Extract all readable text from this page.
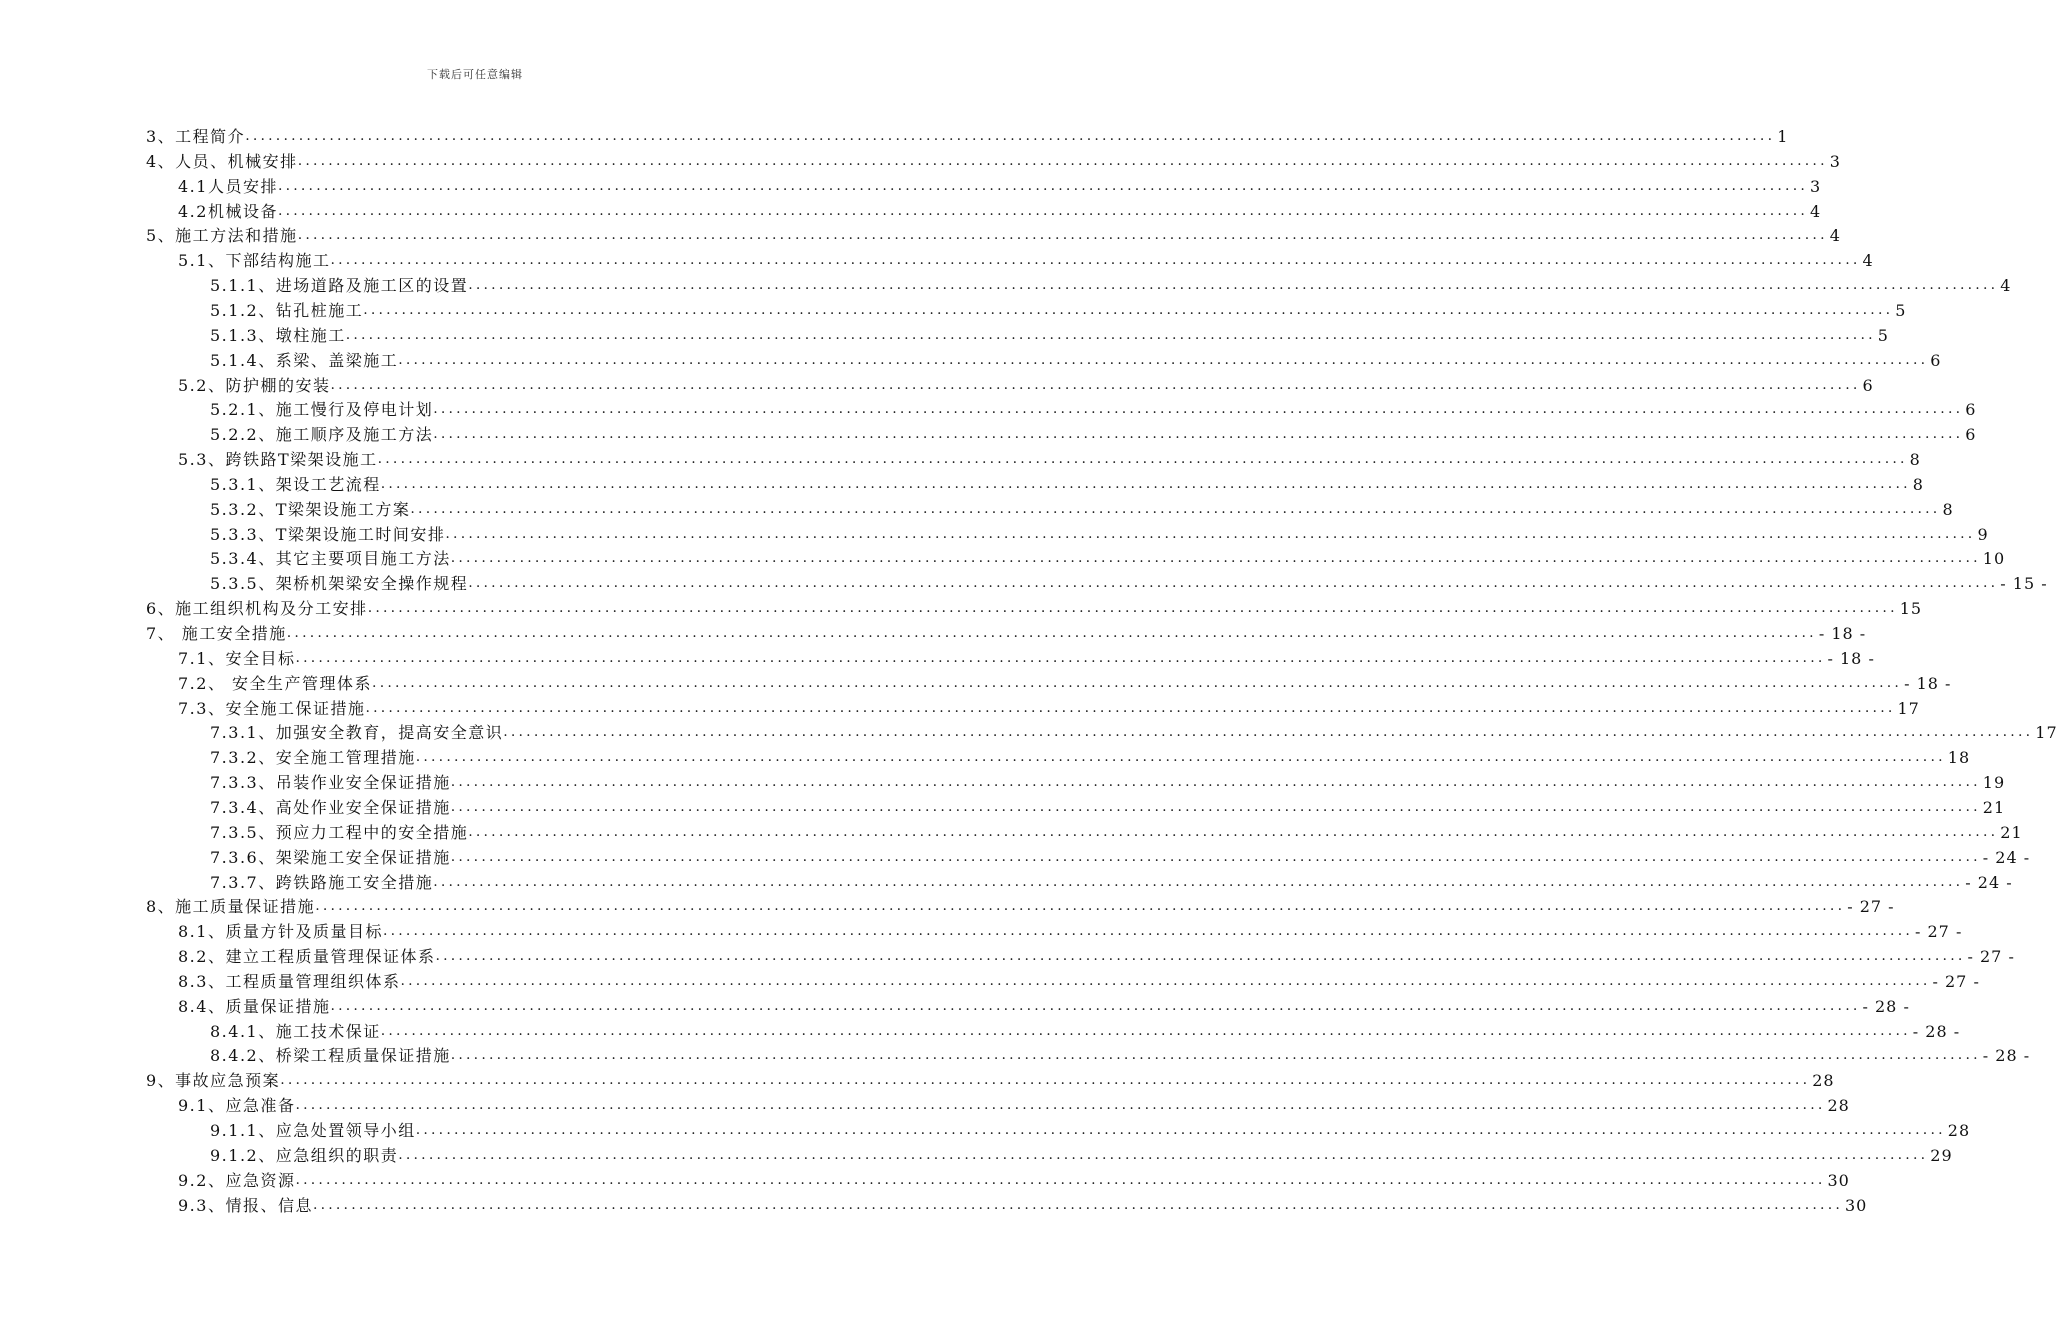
下载后可任意编辑
3、工程简介 ........................................................................................................................................................................................................ 1
4、人员、机械安排 ........................................................................................................................................................................................................ 3
4.1人员安排 ........................................................................................................................................................................................................ 3
4.2机械设备 ........................................................................................................................................................................................................ 4
5、施工方法和措施 ........................................................................................................................................................................................................ 4
5.1、下部结构施工 ........................................................................................................................................................................................................ 4
5.1.1、进场道路及施工区的设置 ........................................................................................................................................................................................................ 4
5.1.2、钻孔桩施工 ........................................................................................................................................................................................................ 5
5.1.3、墩柱施工 ........................................................................................................................................................................................................ 5
5.1.4、系梁、盖梁施工 ........................................................................................................................................................................................................ 6
5.2、防护棚的安装 ........................................................................................................................................................................................................ 6
5.2.1、施工慢行及停电计划 ........................................................................................................................................................................................................ 6
5.2.2、施工顺序及施工方法 ........................................................................................................................................................................................................ 6
5.3、跨铁路T梁架设施工 ........................................................................................................................................................................................................ 8
5.3.1、架设工艺流程 ........................................................................................................................................................................................................ 8
5.3.2、T梁架设施工方案 ........................................................................................................................................................................................................ 8
5.3.3、T梁架设施工时间安排 ........................................................................................................................................................................................................ 9
5.3.4、其它主要项目施工方法 ........................................................................................................................................................................................................ 10
5.3.5、架桥机架梁安全操作规程 ........................................................................................................................................................................................................ - 15 -
6、施工组织机构及分工安排 ........................................................................................................................................................................................................ 15
7、 施工安全措施 ........................................................................................................................................................................................................ - 18 -
7.1、安全目标 ........................................................................................................................................................................................................ - 18 -
7.2、 安全生产管理体系 ........................................................................................................................................................................................................ - 18 -
7.3、安全施工保证措施 ........................................................................................................................................................................................................ 17
7.3.1、加强安全教育，提高安全意识 ........................................................................................................................................................................................................ 17
7.3.2、安全施工管理措施 ........................................................................................................................................................................................................ 18
7.3.3、吊装作业安全保证措施 ........................................................................................................................................................................................................ 19
7.3.4、高处作业安全保证措施 ........................................................................................................................................................................................................ 21
7.3.5、预应力工程中的安全措施 ........................................................................................................................................................................................................ 21
7.3.6、架梁施工安全保证措施 ........................................................................................................................................................................................................ - 24 -
7.3.7、跨铁路施工安全措施 ........................................................................................................................................................................................................ - 24 -
8、施工质量保证措施 ........................................................................................................................................................................................................ - 27 -
8.1、质量方针及质量目标 ........................................................................................................................................................................................................ - 27 -
8.2、建立工程质量管理保证体系 ........................................................................................................................................................................................................ - 27 -
8.3、工程质量管理组织体系 ........................................................................................................................................................................................................ - 27 -
8.4、质量保证措施 ........................................................................................................................................................................................................ - 28 -
8.4.1、施工技术保证 ........................................................................................................................................................................................................ - 28 -
8.4.2、桥梁工程质量保证措施 ........................................................................................................................................................................................................ - 28 -
9、事故应急预案 ........................................................................................................................................................................................................ 28
9.1、应急准备 ........................................................................................................................................................................................................ 28
9.1.1、应急处置领导小组 ........................................................................................................................................................................................................ 28
9.1.2、应急组织的职责 ........................................................................................................................................................................................................ 29
9.2、应急资源 ........................................................................................................................................................................................................ 30
9.3、情报、信息 ........................................................................................................................................................................................................ 30
